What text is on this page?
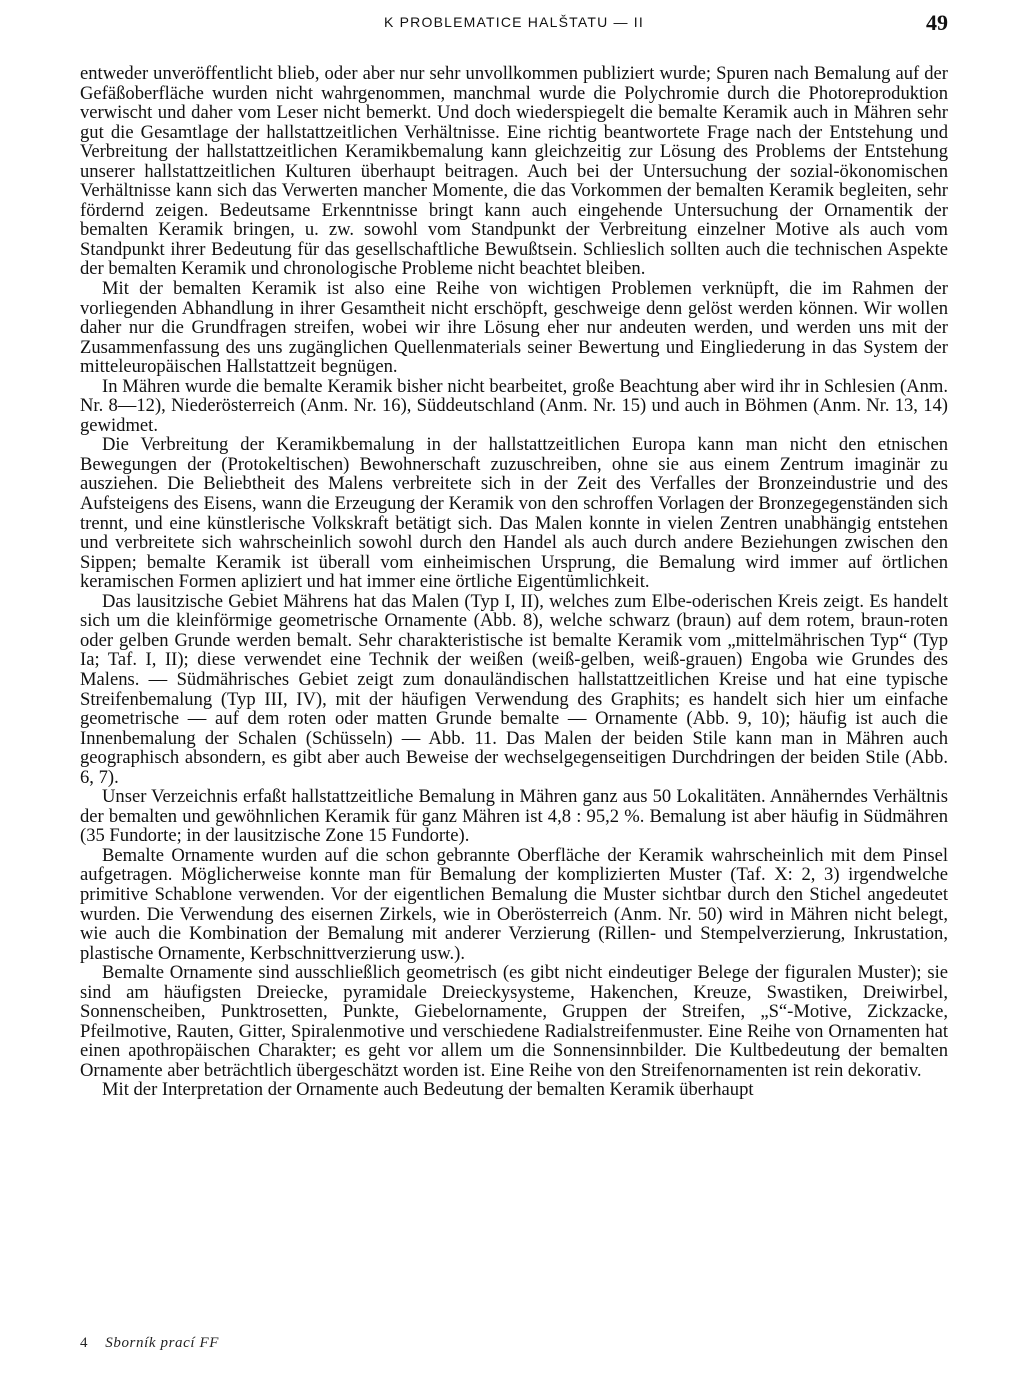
K PROBLEMATICE HALŠTATU — II	49

entweder unveröffentlicht blieb, oder aber nur sehr unvollkommen publiziert wurde; Spuren nach Bemalung auf der Gefäßoberfläche wurden nicht wahrgenommen, manchmal wurde die Polychromie durch die Photoreproduktion verwischt und daher vom Leser nicht bemerkt. Und doch wiederspiegelt die bemalte Keramik auch in Mähren sehr gut die Gesamtlage der hallstattzeitlichen Verhältnisse. Eine richtig beantwortete Frage nach der Entstehung und Verbreitung der hallstattzeitlichen Keramikbemalung kann gleichzeitig zur Lösung des Problems der Entstehung unserer hallstattzeitlichen Kulturen überhaupt beitragen. Auch bei der Untersuchung der sozial-ökonomischen Verhältnisse kann sich das Verwerten mancher Momente, die das Vorkommen der bemalten Keramik begleiten, sehr fördernd zeigen. Bedeutsame Erkenntnisse bringt kann auch eingehende Untersuchung der Ornamentik der bemalten Keramik bringen, u. zw. sowohl vom Standpunkt der Verbreitung einzelner Motive als auch vom Standpunkt ihrer Bedeutung für das gesellschaftliche Bewußtsein. Schlieslich sollten auch die technischen Aspekte der bemalten Keramik und chronologische Probleme nicht beachtet bleiben.

Mit der bemalten Keramik ist also eine Reihe von wichtigen Problemen verknüpft, die im Rahmen der vorliegenden Abhandlung in ihrer Gesamtheit nicht erschöpft, geschweige denn gelöst werden können. Wir wollen daher nur die Grundfragen streifen, wobei wir ihre Lösung eher nur andeuten werden, und werden uns mit der Zusammenfassung des uns zugänglichen Quellenmaterials seiner Bewertung und Eingliederung in das System der mitteleuropäischen Hallstattzeit begnügen.

In Mähren wurde die bemalte Keramik bisher nicht bearbeitet, große Beachtung aber wird ihr in Schlesien (Anm. Nr. 8—12), Niederösterreich (Anm. Nr. 16), Süddeutschland (Anm. Nr. 15) und auch in Böhmen (Anm. Nr. 13, 14) gewidmet.

Die Verbreitung der Keramikbemalung in der hallstattzeitlichen Europa kann man nicht den etnischen Bewegungen der (Protokeltischen) Bewohnerschaft zuzuschreiben, ohne sie aus einem Zentrum imaginär zu ausziehen. Die Beliebtheit des Malens verbreitete sich in der Zeit des Verfalles der Bronzeindustrie und des Aufsteigens des Eisens, wann die Erzeugung der Keramik von den schroffen Vorlagen der Bronzegegenständen sich trennt, und eine künstlerische Volkskraft betätigt sich. Das Malen konnte in vielen Zentren unabhängig entstehen und verbreitete sich wahrscheinlich sowohl durch den Handel als auch durch andere Beziehungen zwischen den Sippen; bemalte Keramik ist überall vom einheimischen Ursprung, die Bemalung wird immer auf örtlichen keramischen Formen apliziert und hat immer eine örtliche Eigentümlichkeit.

Das lausitzische Gebiet Mährens hat das Malen (Typ I, II), welches zum Elbe-oderischen Kreis zeigt. Es handelt sich um die kleinförmige geometrische Ornamente (Abb. 8), welche schwarz (braun) auf dem rotem, braun-roten oder gelben Grunde werden bemalt. Sehr charakteristische ist bemalte Keramik vom „mittelmährischen Typ“ (Typ Ia; Taf. I, II); diese verwendet eine Technik der weißen (weiß-gelben, weiß-grauen) Engoba wie Grundes des Malens. — Südmährisches Gebiet zeigt zum donauländischen hallstattzeitlichen Kreise und hat eine typische Streifenbemalung (Typ III, IV), mit der häufigen Verwendung des Graphits; es handelt sich hier um einfache geometrische — auf dem roten oder matten Grunde bemalte — Ornamente (Abb. 9, 10); häufig ist auch die Innenbemalung der Schalen (Schüsseln) — Abb. 11. Das Malen der beiden Stile kann man in Mähren auch geographisch absondern, es gibt aber auch Beweise der wechselgegenseitigen Durchdringen der beiden Stile (Abb. 6, 7).

Unser Verzeichnis erfaßt hallstattzeitliche Bemalung in Mähren ganz aus 50 Lokalitäten. Annäherndes Verhältnis der bemalten und gewöhnlichen Keramik für ganz Mähren ist 4,8 : 95,2 %. Bemalung ist aber häufig in Südmähren (35 Fundorte; in der lausitzische Zone 15 Fundorte).

Bemalte Ornamente wurden auf die schon gebrannte Oberfläche der Keramik wahrscheinlich mit dem Pinsel aufgetragen. Möglicherweise konnte man für Bemalung der komplizierten Muster (Taf. X: 2, 3) irgendwelche primitive Schablone verwenden. Vor der eigentlichen Bemalung die Muster sichtbar durch den Stichel angedeutet wurden. Die Verwendung des eisernen Zirkels, wie in Oberösterreich (Anm. Nr. 50) wird in Mähren nicht belegt, wie auch die Kombination der Bemalung mit anderer Verzierung (Rillen- und Stempelverzierung, Inkrustation, plastische Ornamente, Kerbschnittverzierung usw.).

Bemalte Ornamente sind ausschließlich geometrisch (es gibt nicht eindeutiger Belege der figuralen Muster); sie sind am häufigsten Dreiecke, pyramidale Dreieckysysteme, Hakenchen, Kreuze, Swastiken, Dreiwirbel, Sonnenscheiben, Punktrosetten, Punkte, Giebelornamente, Gruppen der Streifen, „S“-Motive, Zickzacke, Pfeilmotive, Rauten, Gitter, Spiralenmotive und verschiedene Radialstreifenmuster. Eine Reihe von Ornamenten hat einen apothropäischen Charakter; es geht vor allem um die Sonnensinnbilder. Die Kultbedeutung der bemalten Ornamente aber beträchtlich übergeschätzt worden ist. Eine Reihe von den Streifenornamenten ist rein dekorativ.

Mit der Interpretation der Ornamente auch Bedeutung der bemalten Keramik überhaupt

4 Sborník prací FF
